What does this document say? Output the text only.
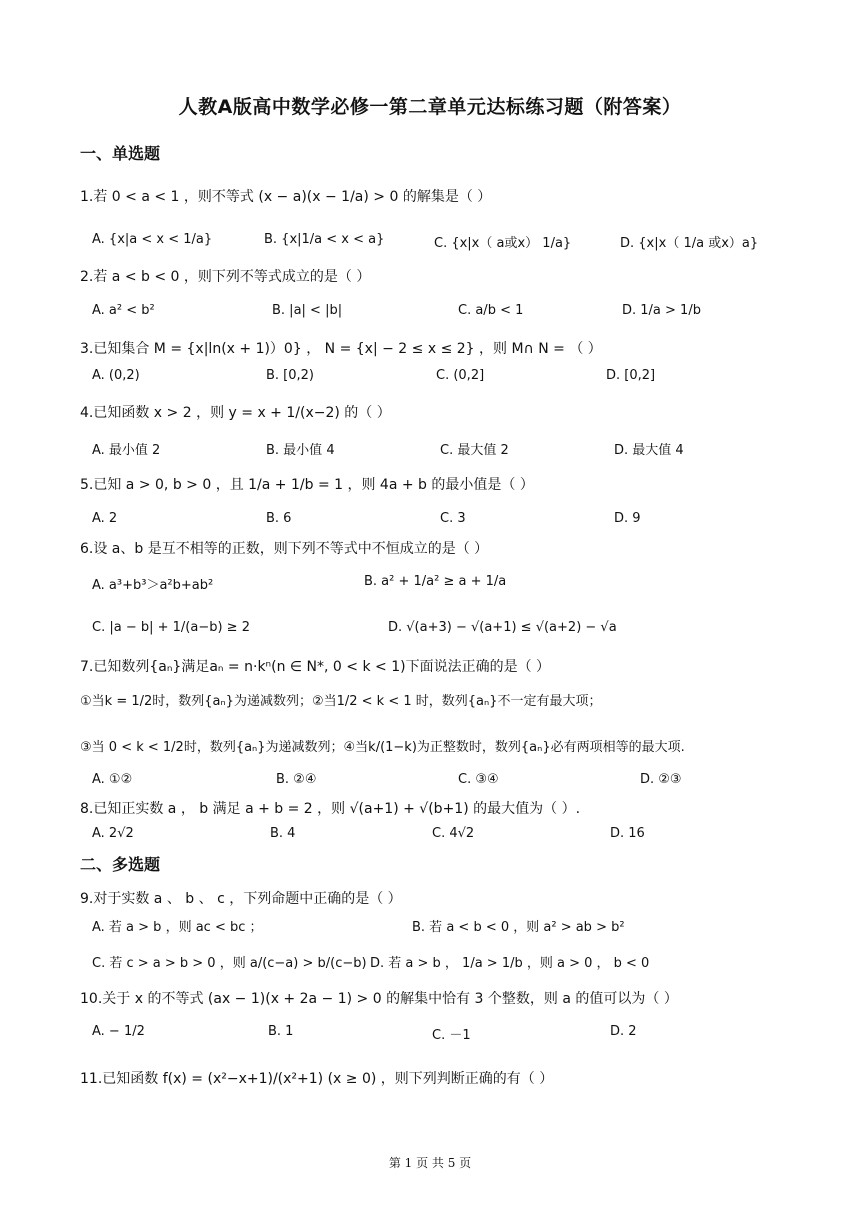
人教A版高中数学必修一第二章单元达标练习题（附答案）
一、单选题
1.若 0 < a < 1 ，则不等式 (x − a)(x − 1/a) > 0 的解集是（ ）
A. {x|a < x < 1/a}	B. {x|1/a < x < a}	C. {x|x（ a或x） 1/a}	D. {x|x（ 1/a 或x）a}
2.若 a < b < 0 ，则下列不等式成立的是（ ）
A. a² < b²	B. |a| < |b|	C. a/b < 1	D. 1/a > 1/b
3.已知集合 M = {x|ln(x + 1)）0} ， N = {x| − 2 ≤ x ≤ 2} ，则 M∩ N = （ ）
A. (0,2)	B. [0,2)	C. (0,2]	D. [0,2]
4.已知函数 x > 2 ，则 y = x + 1/(x−2) 的（ ）
A. 最小值 2	B. 最小值 4	C. 最大值 2	D. 最大值 4
5.已知 a > 0, b > 0 ，且 1/a + 1/b = 1 ，则 4a + b 的最小值是（ ）
A. 2	B. 6	C. 3	D. 9
6.设 a、b 是互不相等的正数，则下列不等式中不恒成立的是（ ）
A. a³+b³＞a²b+ab²	B. a² + 1/a² ≥ a + 1/a
C. |a − b| + 1/(a−b) ≥ 2	D. √(a+3) − √(a+1) ≤ √(a+2) − √a
7.已知数列{aₙ}满足aₙ = n·kⁿ(n ∈ N*, 0 < k < 1)下面说法正确的是（ ）
①当k = 1/2时，数列{aₙ}为递减数列；②当1/2 < k < 1 时，数列{aₙ}不一定有最大项；
③当 0 < k < 1/2时，数列{aₙ}为递减数列；④当k/(1−k)为正整数时，数列{aₙ}必有两项相等的最大项.
A. ①②	B. ②④	C. ③④	D. ②③
8.已知正实数 a ， b 满足 a + b = 2 ，则 √(a+1) + √(b+1) 的最大值为（ ）.
A. 2√2	B. 4	C. 4√2	D. 16
二、多选题
9.对于实数 a 、 b 、 c ，下列命题中正确的是（ ）
A. 若 a > b ，则 ac < bc ；	B. 若 a < b < 0 ，则 a² > ab > b²
C. 若 c > a > b > 0 ，则 a/(c−a) > b/(c−b) D. 若 a > b ， 1/a > 1/b ，则 a > 0 ， b < 0
10.关于 x 的不等式 (ax − 1)(x + 2a − 1) > 0 的解集中恰有 3 个整数，则 a 的值可以为（ ）
A. − 1/2	B. 1	C. －1	D. 2
11.已知函数 f(x) = (x²−x+1)/(x²+1) (x ≥ 0) ，则下列判断正确的有（ ）
第 1 页 共 5 页
